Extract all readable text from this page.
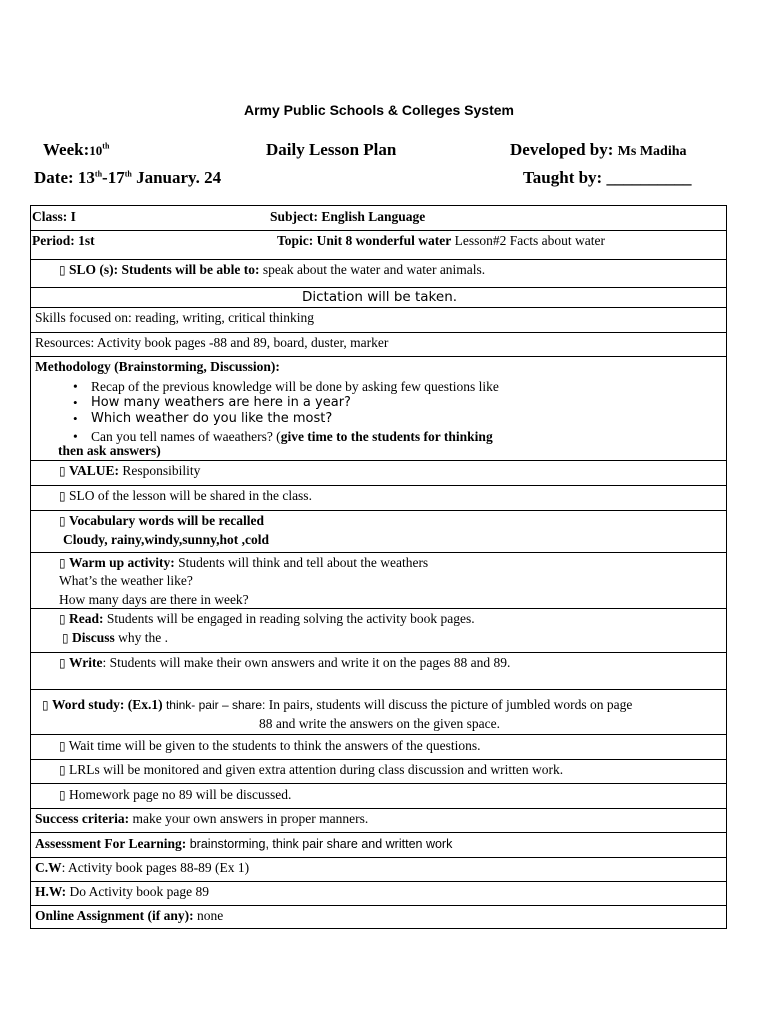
Army Public Schools & Colleges System
Week:10th	Daily Lesson Plan	Developed by: Ms Madiha
Date: 13th-17th January. 24	Taught by: __________
Class: I	Subject: English Language
Period: 1st	Topic: Unit 8 wonderful water Lesson#2 Facts about water
▯ SLO (s): Students will be able to: speak about the water and water animals.
Dictation will be taken.
Skills focused on: reading, writing, critical thinking
Resources: Activity book pages -88 and 89, board, duster, marker
Methodology (Brainstorming, Discussion):
• Recap of the previous knowledge will be done by asking few questions like
• How many weathers are here in a year?
• Which weather do you like the most?
• Can you tell names of waeathers? (give time to the students for thinking
then ask answers)
▯ VALUE: Responsibility
▯ SLO of the lesson will be shared in the class.
▯ Vocabulary words will be recalled
Cloudy, rainy,windy,sunny,hot ,cold
▯ Warm up activity: Students will think and tell about the weathers
What’s the weather like?
How many days are there in week?
▯ Read: Students will be engaged in reading solving the activity book pages.
▯ Discuss why the .
▯ Write: Students will make their own answers and write it on the pages 88 and 89.
▯ Word study: (Ex.1) think- pair – share: In pairs, students will discuss the picture of jumbled words on page
88 and write the answers on the given space.
▯ Wait time will be given to the students to think the answers of the questions.
▯ LRLs will be monitored and given extra attention during class discussion and written work.
▯ Homework page no 89 will be discussed.
Success criteria: make your own answers in proper manners.
Assessment For Learning: brainstorming, think pair share and written work
C.W: Activity book pages 88-89 (Ex 1)
H.W: Do Activity book page 89
Online Assignment (if any): none
